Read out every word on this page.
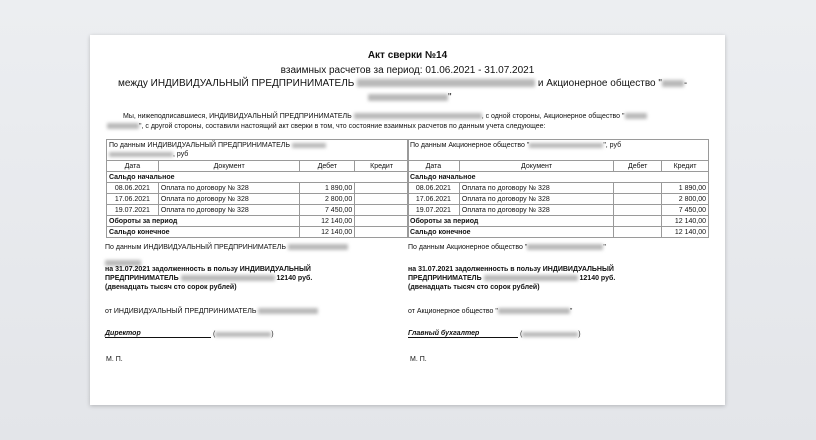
Акт сверки №14
взаимных расчетов за период: 01.06.2021 - 31.07.2021
между ИНДИВИДУАЛЬНЫЙ ПРЕДПРИНИМАТЕЛЬ	и Акционерное общество " -
"
Мы, нижеподписавшиеся, ИНДИВИДУАЛЬНЫЙ ПРЕДПРИНИМАТЕЛЬ	, с одной стороны, Акционерное общество "
", с другой стороны, составили настоящий акт сверки в том, что состояние взаимных расчетов по данным учета следующее:
По данным ИНДИВИДУАЛЬНЫЙ ПРЕДПРИНИМАТЕЛЬ
, руб			
Дата	Документ	Дебет	Кредит
Сальдо начальное			
08.06.2021	Оплата по договору № 328	1 890,00	
17.06.2021	Оплата по договору № 328	2 800,00	
19.07.2021	Оплата по договору № 328	7 450,00	
Обороты за период		12 140,00	
Сальдо конечное		12 140,00	
По данным Акционерное общество " ", руб			
Дата	Документ	Дебет	Кредит
Сальдо начальное			
08.06.2021	Оплата по договору № 328		1 890,00
17.06.2021	Оплата по договору № 328		2 800,00
19.07.2021	Оплата по договору № 328		7 450,00
Обороты за период			12 140,00
Сальдо конечное			12 140,00
По данным ИНДИВИДУАЛЬНЫЙ ПРЕДПРИНИМАТЕЛЬ
на 31.07.2021 задолженность в пользу ИНДИВИДУАЛЬНЫЙ
ПРЕДПРИНИМАТЕЛЬ	12140 руб.
(двенадцать тысяч сто сорок рублей)
от ИНДИВИДУАЛЬНЫЙ ПРЕДПРИНИМАТЕЛЬ
Директор	(	)
М. П.
По данным Акционерное общество "	"
на 31.07.2021 задолженность в пользу ИНДИВИДУАЛЬНЫЙ
ПРЕДПРИНИМАТЕЛЬ	12140 руб.
(двенадцать тысяч сто сорок рублей)
от Акционерное общество "	"
Главный бухгалтер	(	)
М. П.
